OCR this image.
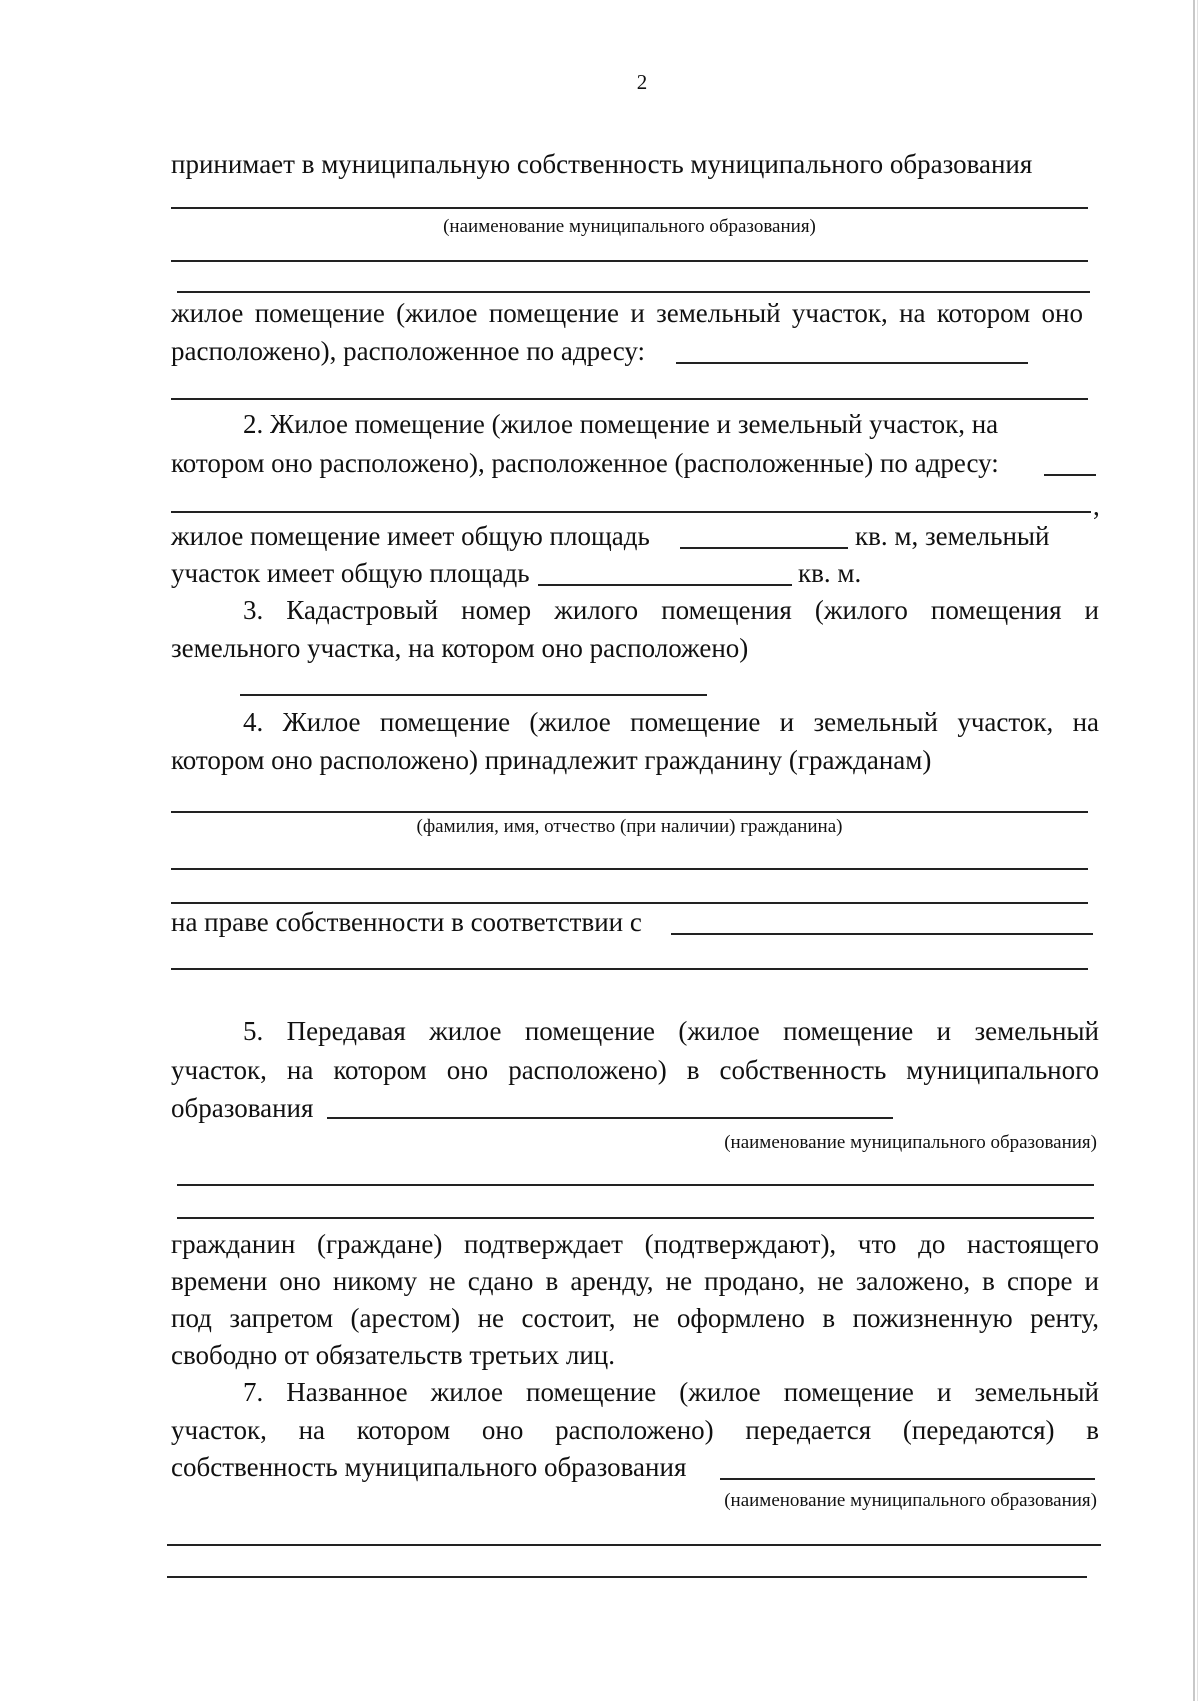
2

принимает в муниципальную собственность муниципального образования

(наименование муниципального образования)

жилое помещение (жилое помещение и земельный участок, на котором оно

расположено), расположенное по адресу:

2. Жилое помещение (жилое помещение и земельный участок, на

котором оно расположено), расположенное (расположенные) по адресу:

,

жилое помещение имеет общую площадь	кв. м, земельный

участок имеет общую площадь	кв. м.

3. Кадастровый номер жилого помещения (жилого помещения и

земельного участка, на котором оно расположено)

4. Жилое помещение (жилое помещение и земельный участок, на

котором оно расположено) принадлежит гражданину (гражданам)

(фамилия, имя, отчество (при наличии) гражданина)

на праве собственности в соответствии с

5. Передавая жилое помещение (жилое помещение и земельный

участок, на котором оно расположено) в собственность муниципального

образования

(наименование муниципального образования)

гражданин (граждане) подтверждает (подтверждают), что до настоящего

времени оно никому не сдано в аренду, не продано, не заложено, в споре и

под запретом (арестом) не состоит, не оформлено в пожизненную ренту,

свободно от обязательств третьих лиц.

7. Названное жилое помещение (жилое помещение и земельный

участок, на котором оно расположено) передается (передаются) в

собственность муниципального образования

(наименование муниципального образования)
